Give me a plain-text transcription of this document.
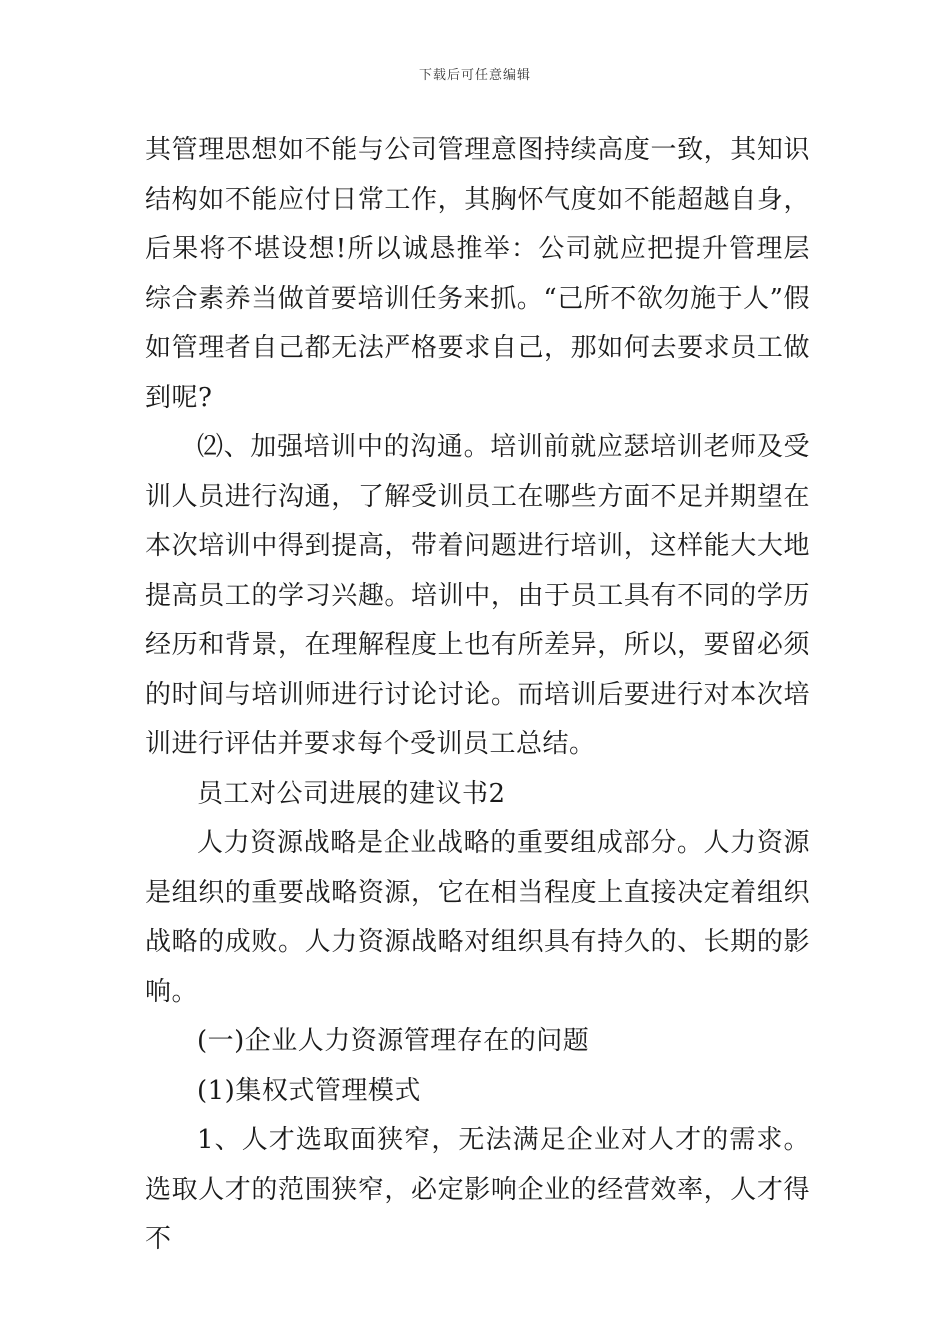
下载后可任意编辑

其管理思想如不能与公司管理意图持续高度一致，其知识结构如不能应付日常工作，其胸怀气度如不能超越自身，后果将不堪设想!所以诚恳推举：公司就应把提升管理层综合素养当做首要培训任务来抓。“己所不欲勿施于人”假如管理者自己都无法严格要求自己，那如何去要求员工做到呢?

⑵、加强培训中的沟通。培训前就应瑟培训老师及受训人员进行沟通，了解受训员工在哪些方面不足并期望在本次培训中得到提高，带着问题进行培训，这样能大大地提高员工的学习兴趣。培训中，由于员工具有不同的学历经历和背景，在理解程度上也有所差异，所以，要留必须的时间与培训师进行讨论讨论。而培训后要进行对本次培训进行评估并要求每个受训员工总结。

员工对公司进展的建议书2

人力资源战略是企业战略的重要组成部分。人力资源是组织的重要战略资源，它在相当程度上直接决定着组织战略的成败。人力资源战略对组织具有持久的、长期的影响。

(一)企业人力资源管理存在的问题

(1)集权式管理模式

1、人才选取面狭窄，无法满足企业对人才的需求。选取人才的范围狭窄，必定影响企业的经营效率，人才得不
